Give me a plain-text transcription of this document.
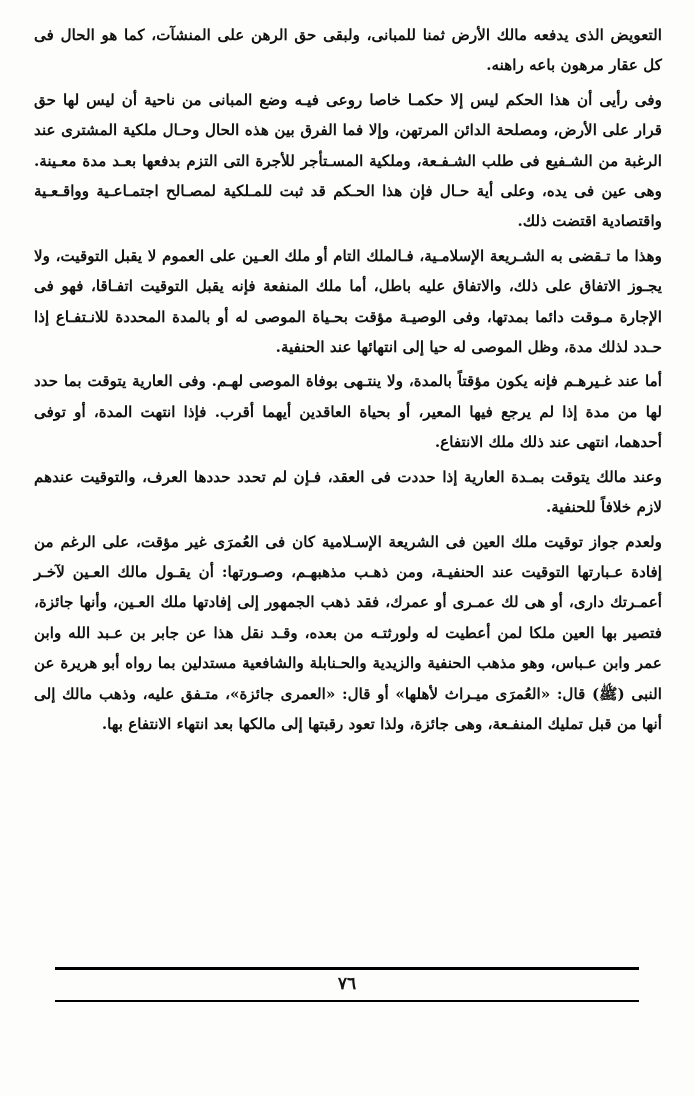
التعويض الذى يدفعه مالك الأرض ثمنا للمبانى، ولبقى حق الرهن على المنشآت، كما هو الحال فى كل عقار مرهون باعه راهنه.

وفى رأيى أن هذا الحكم ليس إلا حكمـا خاصا روعى فيـه وضع المبانى من ناحية أن ليس لها حق قرار على الأرض، ومصلحة الدائن المرتهن، وإلا فما الفرق بين هذه الحال وحـال ملكية المشترى عند الرغبة من الشـفيع فى طلب الشـفـعة، وملكية المسـتأجر للأجرة التى التزم بدفعها بعـد مدة معـينة. وهى عين فى يده، وعلى أية حـال فإن هذا الحـكم قد ثبت للمـلكية لمصـالح اجتمـاعـية وواقـعـية واقتصادية اقتضت ذلك.

وهذا ما تـقضى به الشـريعة الإسلامـية، فـالملك التام أو ملك العـين على العموم لا يقبل التوقيت، ولا يجـوز الاتفاق على ذلك، والاتفاق عليه باطل، أما ملك المنفعة فإنه يقبل التوقيت اتفـاقا، فهو فى الإجارة مـوقت دائما بمدتها، وفى الوصيـة مؤقت بحـياة الموصى له أو بالمدة المحددة للانـتفـاع إذا حـدد لذلك مدة، وظل الموصى له حيا إلى انتهائها عند الحنفية.

أما عند غـيرهـم فإنه يكون مؤقتاً بالمدة، ولا ينتـهى بوفاة الموصى لهـم. وفى العارية يتوقت بما حدد لها من مدة إذا لم يرجع فيها المعير، أو بحياة العاقدين أيهما أقرب. فإذا انتهت المدة، أو توفى أحدهما، انتهى عند ذلك ملك الانتفاع.

وعند مالك يتوقت بمـدة العارية إذا حددت فى العقد، فـإن لم تحدد حددها العرف، والتوقيت عندهم لازم خلافاً للحنفية.

ولعدم جواز توقيت ملك العين فى الشريعة الإسـلامية كان فى العُمرَى غير مؤقت، على الرغم من إفادة عـبارتها التوقيت عند الحنفيـة، ومن ذهـب مذهبهـم، وصـورتها: أن يقـول مالك العـين لآخـر أعمـرتك دارى، أو هى لك عمـرى أو عمرك، فقد ذهب الجمهور إلى إفادتها ملك العـين، وأنها جائزة، فتصير بها العين ملكا لمن أعطيت له ولورثتـه من بعده، وقـد نقل هذا عن جابر بن عـبد الله وابن عمر وابن عـباس، وهو مذهب الحنفية والزيدية والحـنابلة والشافعية مستدلين بما رواه أبو هريرة عن النبى (ﷺ) قال: «العُمرَى ميـراث لأهلها» أو قال: «العمرى جائزة»، متـفق عليه، وذهب مالك إلى أنها من قبل تمليك المنفـعة، وهى جائزة، ولذا تعود رقبتها إلى مالكها بعد انتهاء الانتفاع بها.

٧٦
